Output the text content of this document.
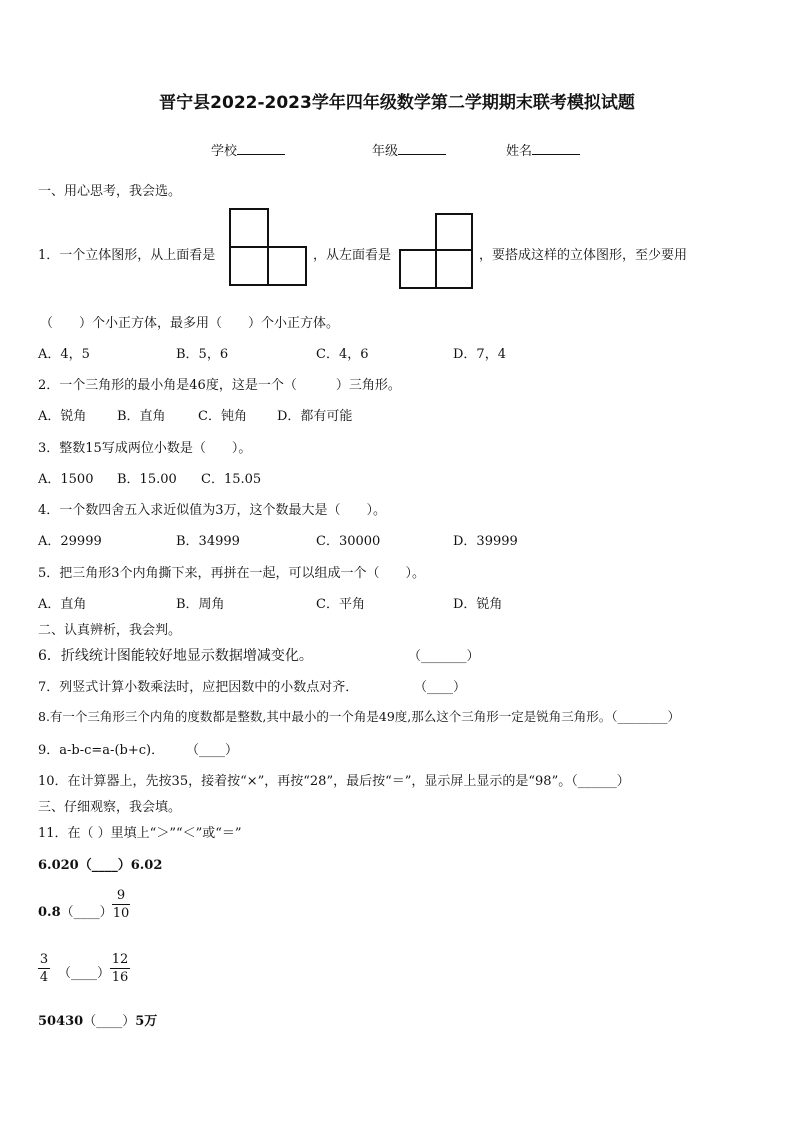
晋宁县2022-2023学年四年级数学第二学期期末联考模拟试题
学校	年级	姓名
一、用心思考，我会选。
1．一个立体图形，从上面看是	，从左面看是	，要搭成这样的立体图形，至少要用
（　　）个小正方体，最多用（　　）个小正方体。
A．4，5	B．5，6	C．4，6	D．7，4
2．一个三角形的最小角是46度，这是一个（　　　）三角形。
A．锐角 B．直角 C．钝角 D．都有可能
3．整数15写成两位小数是（　　）。
A．1500 B．15.00 C．15.05
4．一个数四舍五入求近似值为3万，这个数最大是（　　）。
A．29999	B．34999	C．30000	D．39999
5．把三角形3个内角撕下来，再拼在一起，可以组成一个（　　）。
A．直角	B．周角	C．平角	D．锐角
二、认真辨析，我会判。
6．折线统计图能较好地显示数据增减变化。	（_______）
7．列竖式计算小数乘法时，应把因数中的小数点对齐．	（____）
8.有一个三角形三个内角的度数都是整数,其中最小的一个角是49度,那么这个三角形一定是锐角三角形。（________）
9．a-b-c=a-(b+c)． （____）
10．在计算器上，先按35，接着按“×”，再按“28”，最后按“＝”，显示屏上显示的是“98”。（______）
三、仔细观察，我会填。
11．在（ ）里填上“＞”“＜”或“＝”
6.020（____）6.02
0.8（____）
9
10
3
4 （____）
12
16
50430（____）5万
